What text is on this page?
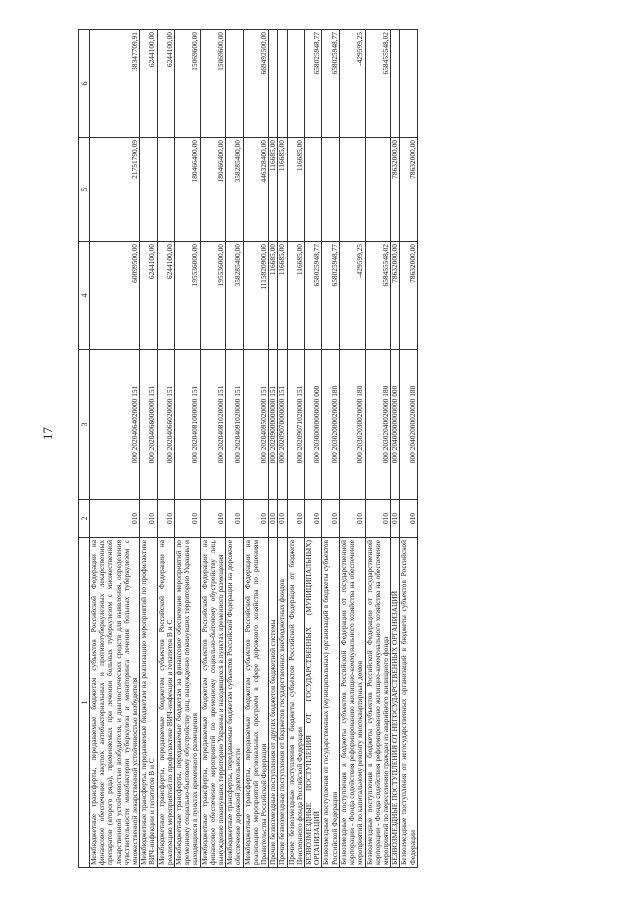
17
1	2	3	4	5	6
Межбюджетные трансферты, передаваемые бюджетам субъектов Российской Федерации на финансовое обеспечение закупок антибактериальных и противотуберкулезных лекарственных препаратов (второго ряда), применяемых при лечении больных туберкулезом с множественной лекарственной устойчивостью возбудителя, и диагностических средств для выявления, определения чувствительности микобактерии туберкулеза и мониторинга лечения больных туберкулезом с множественной лекарственной устойчивостью возбудителя	010	000 20204064020000 151	60099500,00	21751790,09	38347709,91
Межбюджетные трансферты, передаваемые бюджетам на реализацию мероприятий по профилактике ВИЧ-инфекции и гепатитов В и С	010	000 20204066000000 151	6244100,00		6244100,00
Межбюджетные трансферты, передаваемые бюджетам субъектов Российской Федерации на реализацию мероприятий по профилактике ВИЧ-инфекции и гепатитов В и С	010	000 20204066020000 151	6244100,00		6244100,00
Межбюджетные трансферты, передаваемые бюджетам на финансовое обеспечение мероприятий по временному социально-бытовому обустройству лиц, вынужденно покинувших территорию Украины и находящихся в пунктах временного размещения	010	000 20204081000000 151	195536000,00	180466400,00	15069600,00
Межбюджетные трансферты, передаваемые бюджетам субъектов Российской Федерации на финансовое обеспечение мероприятий по временному социально-бытовому обустройству лиц, вынужденно покинувших территорию Украины и находящихся в пунктах временного размещения	010	000 20204081020000 151	195536000,00	180466400,00	15069600,00
Межбюджетные трансферты, передаваемые бюджетам субъектов Российской Федерации на дорожное обеспечение дорожной деятельности	010	000 20204091020000 151	358285400,00	358285400,00	
Межбюджетные трансферты, передаваемые бюджетам субъектов Российской Федерации на реализацию мероприятий региональных программ в сфере дорожного хозяйства по решениям Правительства Российской Федерации	010	000 20204095020000 151	1115820900,00	446328400,00	669492500,00
Прочие безвозмездные поступления от других бюджетов бюджетной системы	010	000 20209000000000 151	116685,00	116685,00	
Прочие безвозмездные поступления от бюджетов государственных внебюджетных фондов	010	000 20209070000000 151	116685,00	116685,00	
Прочие безвозмездные поступления в бюджеты субъектов Российской Федерации от бюджета Пенсионного фонда Российской Федерации	010	000 20209071020000 151	116685,00	116685,00	
БЕЗВОЗМЕЗДНЫЕ ПОСТУПЛЕНИЯ ОТ ГОСУДАРСТВЕННЫХ (МУНИЦИПАЛЬНЫХ) ОРГАНИЗАЦИЙ	010	000 20300000000000 000	658025948,77		658025948,77
Безвозмездные поступления от государственных (муниципальных) организаций в бюджеты субъектов Российской Федерации	010	000 20302000020000 180	658025948,77		658025948,77
Безвозмездные поступления в бюджеты субъектов Российской Федерации от государственной корпорации - Фонда содействия реформированию жилищно-коммунального хозяйства на обеспечение мероприятий по капитальному ремонту многоквартирных домов	010	000 20302030020000 180	-429599,25		-429599,25
Безвозмездные поступления в бюджеты субъектов Российской Федерации от государственной корпорации - Фонда содействия реформированию жилищно-коммунального хозяйства на обеспечение мероприятий по переселению граждан из аварийного жилищного фонда	010	000 20302040020000 180	658455548,02		658455548,02
БЕЗВОЗМЕЗДНЫЕ ПОСТУПЛЕНИЯ ОТ НЕГОСУДАРСТВЕННЫХ ОРГАНИЗАЦИЙ	010	000 20400000000000 000	78632000,00	78632000,00	
Безвозмездные поступления от негосударственных организаций в бюджеты субъектов Российской Федерации	010	000 20402000020000 180	78632000,00	78632000,00	
